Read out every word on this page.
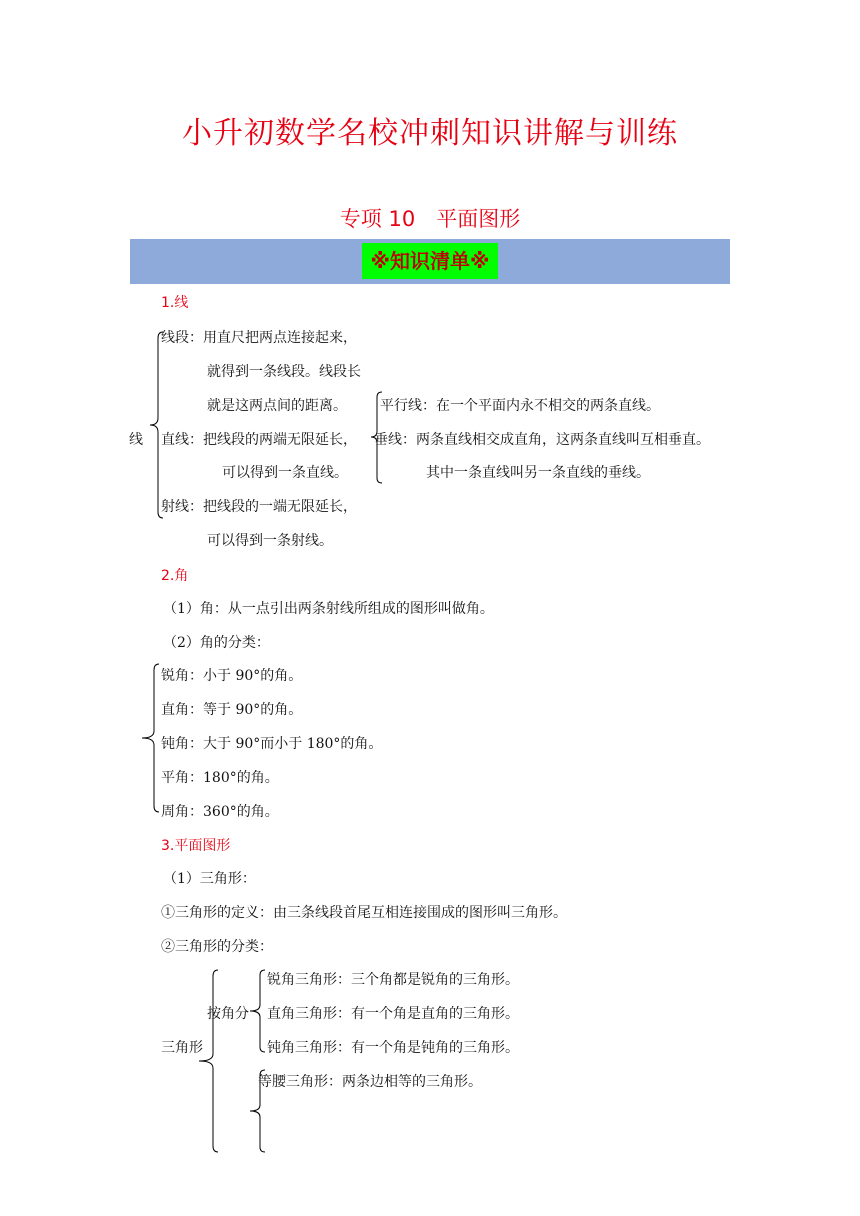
小升初数学名校冲刺知识讲解与训练
专项 10　平面图形
※知识清单※
1.线
线
线段：用直尺把两点连接起来，
就得到一条线段。线段长
就是这两点间的距离。
直线：把线段的两端无限延长，
可以得到一条直线。
平行线：在一个平面内永不相交的两条直线。
垂线：两条直线相交成直角，这两条直线叫互相垂直。
其中一条直线叫另一条直线的垂线。
射线：把线段的一端无限延长，
可以得到一条射线。
2.角
（1）角：从一点引出两条射线所组成的图形叫做角。
（2）角的分类：
锐角：小于 90°的角。
直角：等于 90°的角。
钝角：大于 90°而小于 180°的角。
平角：180°的角。
周角：360°的角。
3.平面图形
（1）三角形：
①三角形的定义：由三条线段首尾互相连接围成的图形叫三角形。
②三角形的分类：
三角形
按角分
锐角三角形：三个角都是锐角的三角形。
直角三角形：有一个角是直角的三角形。
钝角三角形：有一个角是钝角的三角形。
等腰三角形：两条边相等的三角形。
